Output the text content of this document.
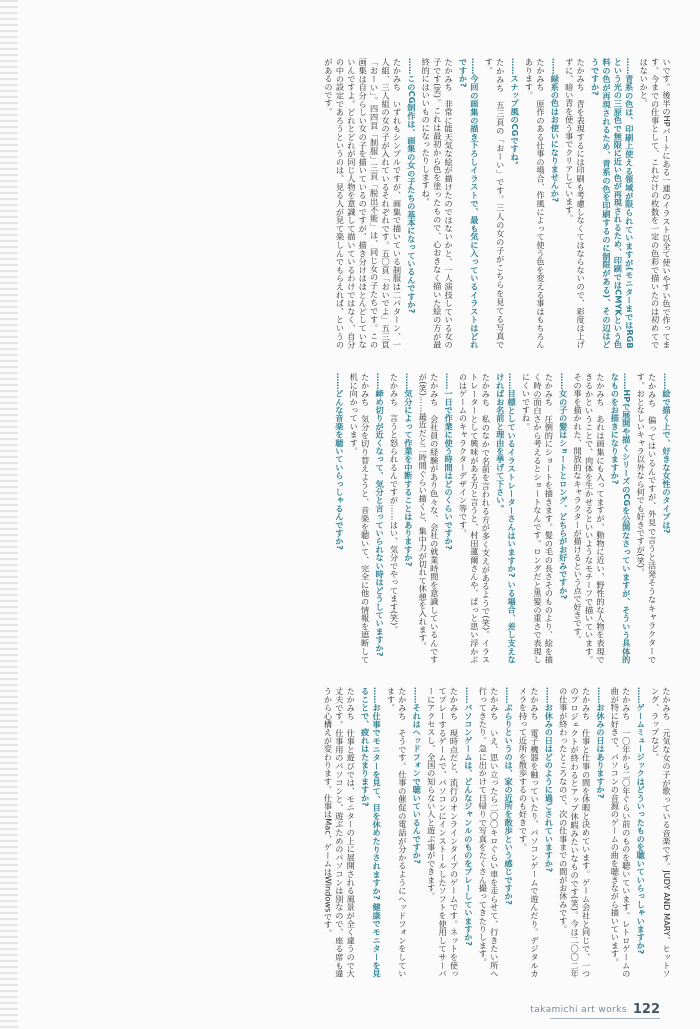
いです。後半のHPバートにある一連のイラスト以全て使いやすい色で作ってます。今までの仕事として、これだけの枚数を一定の色彩で描いたのは初めてではないかと。

……青系の色は、印刷上使える領域が限られていますが(モニターまではRGBという光の三原色で無限に近い色が再現されるため、印刷ではCMYKという色料の色が再現されるため、青系の色を印刷するのに制限がある)、その辺はどうですか?

たかみち　青を表現するには印刷も考慮しなくてはならないので、彩度は上げずに、暗い青を使う事でクリアしています。

……緑系の色はお使いになりませんか?

たかみち　原作のある仕事の場合、作風によって使う色を変える事はもちろんあります。

……スナップ風のCGですね。

たかみち　五三頁の「おーい」です。三人の女の子がこちらを見てる写真です。

……今回の画集の描き下ろしイラストで、最も気に入っているイラストはどれですか?

たかみち　非常に能天気な絵が描けたのではないかと。一人演技している女の子です(笑)。これは最初から色を塗ったもので、心おきなく描いた絵の方が最終的にはいいものになったりしますね。

……このCG制作は、画集の女の子たちの基本になっているんですか?

たかみち　いずれもシンプルですが、画集で描いている制服は二パターン、一人組、三人組の女の子が入れているそれぞれです。五〇頁「おいでよ」五三頁「おーい」。四四頁「制服」三頁「脱出不能」は、同じ女の子たちです。この画集は自分らしい女の子を描いているのですが、描き分けはほとんどしていないんですよ。どれとどれが同じ人物を意識して描いているわけではなく、自分の中の設定であろうというのは、見る人が見て楽しんでもらえれば、というのがあるのです。

……絵で描く上で、好きな女性のタイプは?

たかみち　偏ってはいるんですが、外見で言うと活発そうなキャラクターです。おとなしいキャラ以外なら何でも好きですが(笑)。

……HPで展開や描くシリーズのCGを公開なさっていますが、そういう具体的なものをお描きになりますか?

たかみち　あれは画集にも入ってますが、動物に近い、野性的な人物を表現できるかということで、肉体を生かせるといいようなモチーフで描いています。その事を描かれた、開放的なキャラクターが描けるという点で好きです。

……女の子の髪はショートとロング、どちらがお好みですか?

たかみち　圧倒的にショートを描きます。髪の毛の長さそのものより、絵を描く時の面白さから考えるとショートなんです。ロングだと黒髪の重さで表現しにくいですね。

……目標としているイラストレーターさんはいますか? いる場合、差し支えなければお名前と理由を挙げて下さい。

たかみち　私のなかで名前を言われる方が多く支えがあるようで(笑)。イラストレーターとして興味がある方と言うと、村田蓮爾さんや、ぱっと思い浮かぶのはゲームのキャラクターデザイン等です。

……一日で作業に使う時間はどのくらいですか?

たかみち　会社員の経験があり色々な、会社の就業時間を意識しているんですが(笑)……最近だと二時間ぐらい描くと、集中力が切れて休憩を入れます。

……気分によって作業を中断することはありますか?

たかみち　言うと怒られるんですが……はい、気分でやってます(笑)。

……締め切りが近くなって、気分と言っていられない時はどうしていますか?

たかみち　気分を切り替えようと、音楽を聴いて、完全に他の情報を遮断して机に向かっています。

……どんな音楽を聴いていらっしゃるんですか?

たかみち　元気な女の子が歌っている音楽です。JUDY AND MARY、ヒットソング、ラップなど。

……ゲームミュージックはどういったものを聴いていらっしゃいますか?

たかみち　一〇年から二〇年ぐらい前のものを聴いています。レトロゲームの曲が特に好きで、パソコンの音源のゲームの曲を聴きながら描いています。

……お休みの日はありますか?

たかみち　仕事と仕事の間を休暇と決めています。ゲーム会社と同じで、一つのプロジェクトが終わるとアップ休暇みたいなものです(笑)。今は二〇〇二年の仕事が終わったところなので、次の仕事までの間がお休みです。

……お休みの日はどのように過ごされていますか?

たかみち　電子機器を触っていたり、パソコンゲームで遊んだり。デジタルカメラを持って近所を散歩するのも好きです。

……ぶらりというのは、家の近所を散歩という感じですか?

たかみち　いえ、思い立ったら二〇〇キロぐらい車を走らせて、行きたい所へ行ってきたり。急に出かけて日帰りで写真をたくさん撮ってきたりします。

……パソコンゲームは、どんなジャンルのものをプレーしていますか?

たかみち　現時点だと、流行のオンラインタイプのゲームです。ネットを使ってプレーするゲームで、パソコンにインストールしたソフトを使用してサーバーにアクセスし、全国の知らない人と遊ぶ事ができます。

……それはヘッドフォンで聴いているんですか?

たかみち　そうです。仕事の催促の電話が分かるようにヘッドフォンをしています。

……お仕事でモニターを見て、目を休めたりされますか? 健康でモニターを見ることで、疲れはたまりますか?

たかみち　仕事と遊びでは、モニターの上に展開される風景が全く違うので大丈夫です。仕事用のパソコンと、遊ぶためのパソコンは別なので、座る席も違うから心構えが変わります。仕事はMac、ゲームはWindowsです。

takamichi art works 122
